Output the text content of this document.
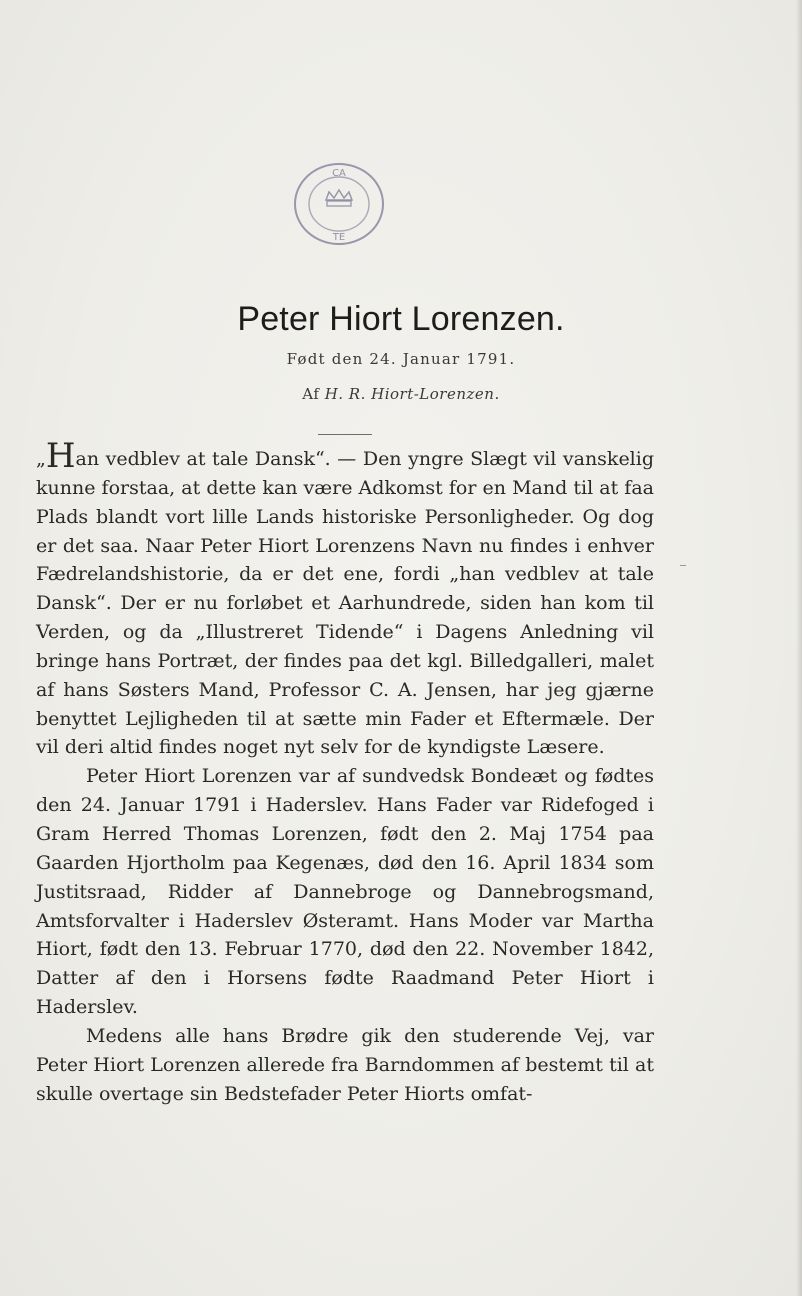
CA
TE
Peter Hiort Lorenzen.
Født den 24. Januar 1791.
Af H. R. Hiort-Lorenzen.

„Han vedblev at tale Dansk“. — Den yngre Slægt vil vanskelig kunne forstaa, at dette kan være Adkomst for en Mand til at faa Plads blandt vort lille Lands historiske Personligheder. Og dog er det saa. Naar Peter Hiort Lorenzens Navn nu findes i enhver Fædrelandshistorie, da er det ene, fordi „han vedblev at tale Dansk“. Der er nu forløbet et Aarhundrede, siden han kom til Verden, og da „Illustreret Tidende“ i Dagens Anledning vil bringe hans Portræt, der findes paa det kgl. Billedgalleri, malet af hans Søsters Mand, Professor C. A. Jensen, har jeg gjærne benyttet Lejligheden til at sætte min Fader et Eftermæle. Der vil deri altid findes noget nyt selv for de kyndigste Læsere.

Peter Hiort Lorenzen var af sundvedsk Bondeæt og fødtes den 24. Januar 1791 i Haderslev. Hans Fader var Ridefoged i Gram Herred Thomas Lorenzen, født den 2. Maj 1754 paa Gaarden Hjortholm paa Kegenæs, død den 16. April 1834 som Justitsraad, Ridder af Dannebroge og Dannebrogsmand, Amtsforvalter i Haderslev Østeramt. Hans Moder var Martha Hiort, født den 13. Februar 1770, død den 22. November 1842, Datter af den i Horsens fødte Raadmand Peter Hiort i Haderslev.

Medens alle hans Brødre gik den studerende Vej, var Peter Hiort Lorenzen allerede fra Barndommen af bestemt til at skulle overtage sin Bedstefader Peter Hiorts omfat-
